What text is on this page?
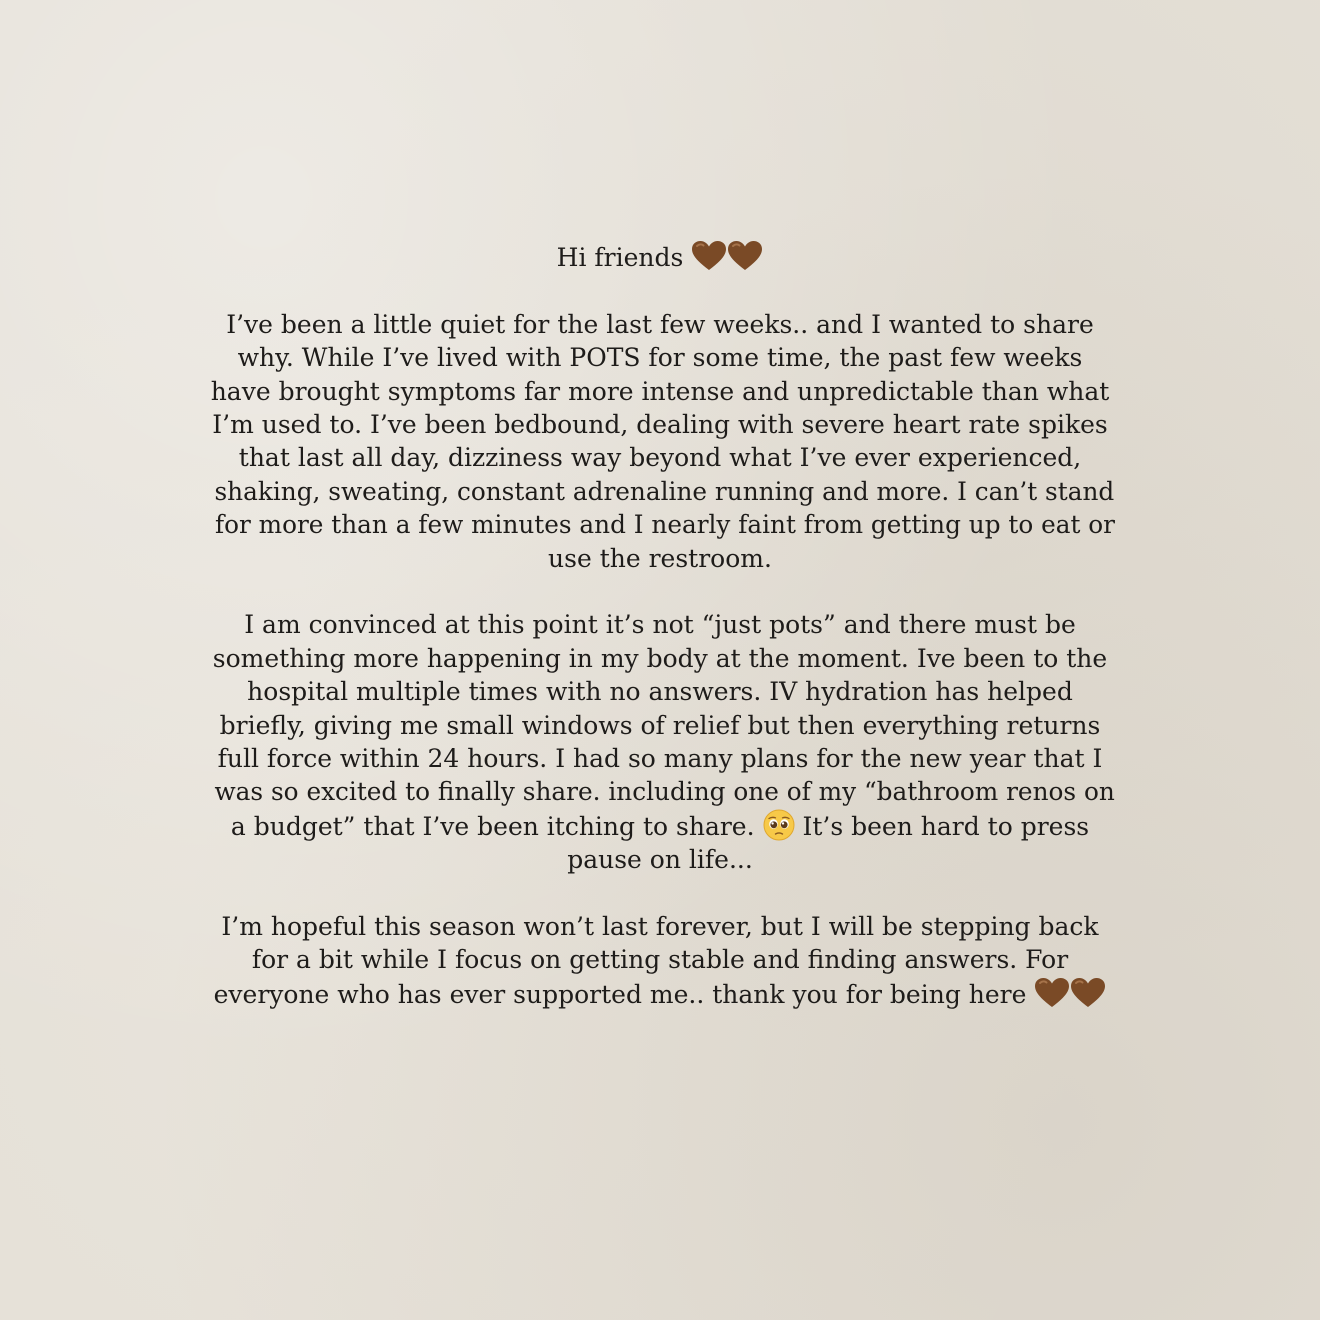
Hi friends
I’ve been a little quiet for the last few weeks.. and I wanted to share
why. While I’ve lived with POTS for some time, the past few weeks
have brought symptoms far more intense and unpredictable than what
I’m used to. I’ve been bedbound, dealing with severe heart rate spikes
that last all day, dizziness way beyond what I’ve ever experienced,
shaking, sweating, constant adrenaline running and more. I can’t stand
for more than a few minutes and I nearly faint from getting up to eat or
use the restroom.
I am convinced at this point it’s not “just pots” and there must be
something more happening in my body at the moment. Ive been to the
hospital multiple times with no answers. IV hydration has helped
briefly, giving me small windows of relief but then everything returns
full force within 24 hours. I had so many plans for the new year that I
was so excited to finally share. including one of my “bathroom renos on
a budget” that I’ve been itching to share. It’s been hard to press
pause on life...
I’m hopeful this season won’t last forever, but I will be stepping back
for a bit while I focus on getting stable and finding answers. For
everyone who has ever supported me.. thank you for being here
